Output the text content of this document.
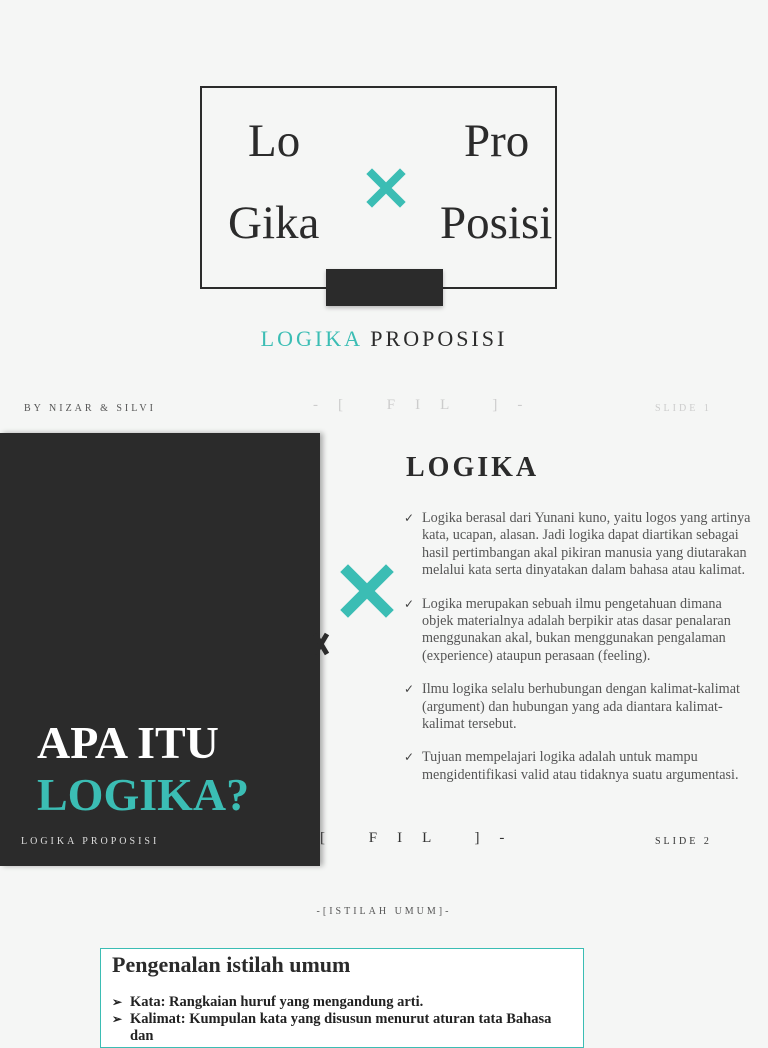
Lo
Gika
Pro
Posisi
LOGIKA PROPOSISI
BY NIZAR & SILVI	-[ FIL ]-	SLIDE 1
APA ITU
LOGIKA?
LOGIKA PROPOSISI
LOGIKA
✓ Logika berasal dari Yunani kuno, yaitu logos yang artinya kata, ucapan, alasan. Jadi logika dapat diartikan sebagai hasil pertimbangan akal pikiran manusia yang diutarakan melalui kata serta dinyatakan dalam bahasa atau kalimat.
✓ Logika merupakan sebuah ilmu pengetahuan dimana objek materialnya adalah berpikir atas dasar penalaran menggunakan akal, bukan menggunakan pengalaman (experience) ataupun perasaan (feeling).
✓ Ilmu logika selalu berhubungan dengan kalimat-kalimat (argument) dan hubungan yang ada diantara kalimat-kalimat tersebut.
✓ Tujuan mempelajari logika adalah untuk mampu mengidentifikasi valid atau tidaknya suatu argumentasi.
[ FIL ]-	SLIDE 2
-[ISTILAH UMUM]-
Pengenalan istilah umum
➢ Kata: Rangkaian huruf yang mengandung arti.
➢ Kalimat: Kumpulan kata yang disusun menurut aturan tata Bahasa dan
